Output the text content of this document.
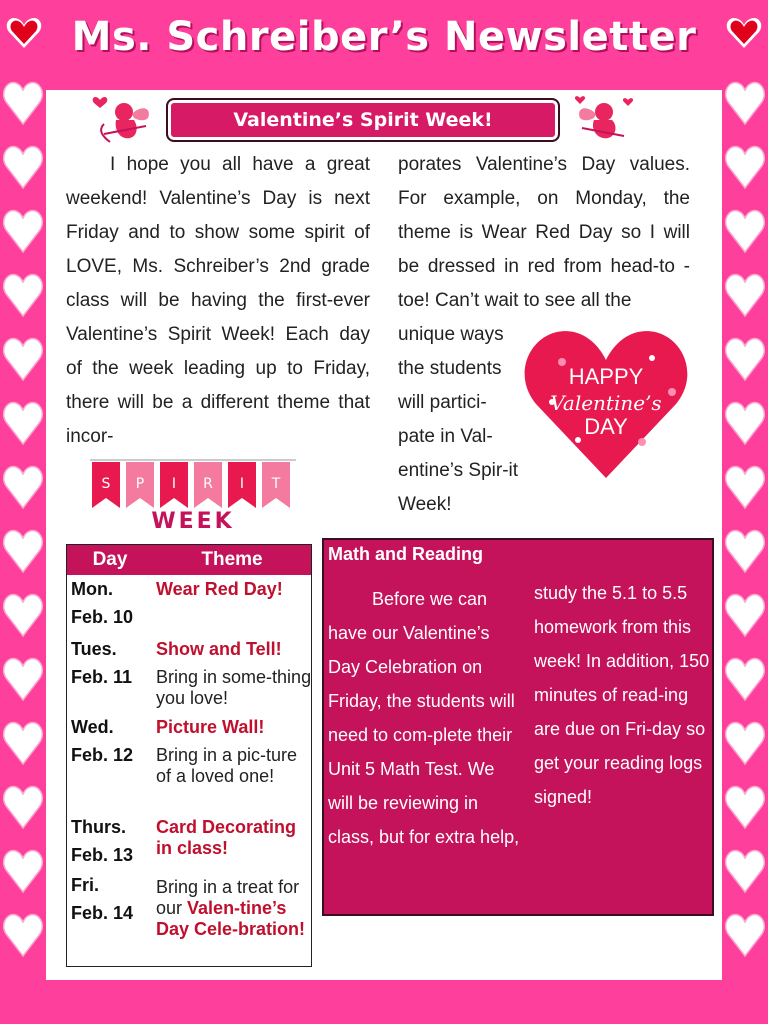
Ms. Schreiber’s Newsletter
Valentine’s Spirit Week!
I hope you all have a great weekend! Valentine’s Day is next Friday and to show some spirit of LOVE, Ms. Schreiber’s 2nd grade class will be having the first-ever Valentine’s Spirit Week! Each day of the week leading up to Friday, there will be a different theme that incor-
porates Valentine’s Day values. For example, on Monday, the theme is Wear Red Day so I will be dressed in red from head-to -toe! Can’t wait to see all the
unique ways the students will partici-pate in Val-entine’s Spir-it Week!
HAPPY
Valentine’s
DAY
S P I R I T
WEEK
Day	Theme
Mon.
Feb. 10
Wear Red Day!
Tues.
Feb. 11
Show and Tell!
Bring in some-thing you love!
Wed.
Feb. 12
Picture Wall!
Bring in a pic-ture of a loved one!
Thurs.
Feb. 13
Card Decorating in class!
Fri.
Feb. 14
Bring in a treat for our Valen-tine’s Day Cele-bration!
Math and Reading
Before we can have our Valentine’s Day Celebration on Friday, the students will need to com-plete their Unit 5 Math Test. We will be reviewing in class, but for extra help,
study the 5.1 to 5.5 homework from this week! In addition, 150 minutes of read-ing are due on Fri-day so get your reading logs signed!
